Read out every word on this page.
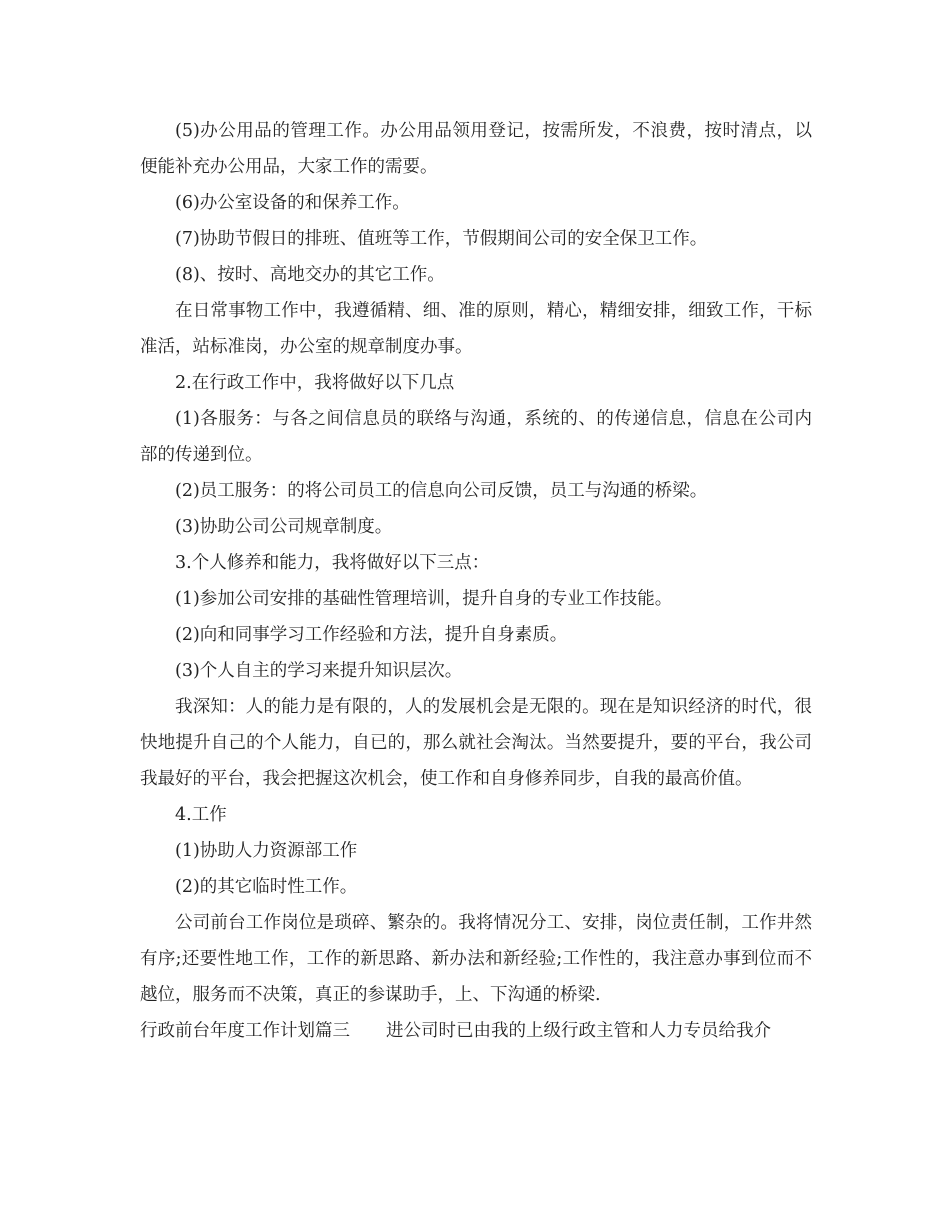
(5)办公用品的管理工作。办公用品领用登记，按需所发，不浪费，按时清点，以便能补充办公用品，大家工作的需要。

(6)办公室设备的和保养工作。

(7)协助节假日的排班、值班等工作，节假期间公司的安全保卫工作。

(8)、按时、高地交办的其它工作。

在日常事物工作中，我遵循精、细、准的原则，精心，精细安排，细致工作，干标准活，站标准岗，办公室的规章制度办事。

2.在行政工作中，我将做好以下几点

(1)各服务：与各之间信息员的联络与沟通，系统的、的传递信息，信息在公司内部的传递到位。

(2)员工服务：的将公司员工的信息向公司反馈，员工与沟通的桥梁。

(3)协助公司公司规章制度。

3.个人修养和能力，我将做好以下三点：

(1)参加公司安排的基础性管理培训，提升自身的专业工作技能。

(2)向和同事学习工作经验和方法，提升自身素质。

(3)个人自主的学习来提升知识层次。

我深知：人的能力是有限的，人的发展机会是无限的。现在是知识经济的时代，很快地提升自己的个人能力，自已的，那么就社会淘汰。当然要提升，要的平台，我公司我最好的平台，我会把握这次机会，使工作和自身修养同步，自我的最高价值。

4.工作

(1)协助人力资源部工作

(2)的其它临时性工作。

公司前台工作岗位是琐碎、繁杂的。我将情况分工、安排，岗位责任制，工作井然有序;还要性地工作，工作的新思路、新办法和新经验;工作性的，我注意办事到位而不越位，服务而不决策，真正的参谋助手，上、下沟通的桥梁.

行政前台年度工作计划篇三 进公司时已由我的上级行政主管和人力专员给我介
